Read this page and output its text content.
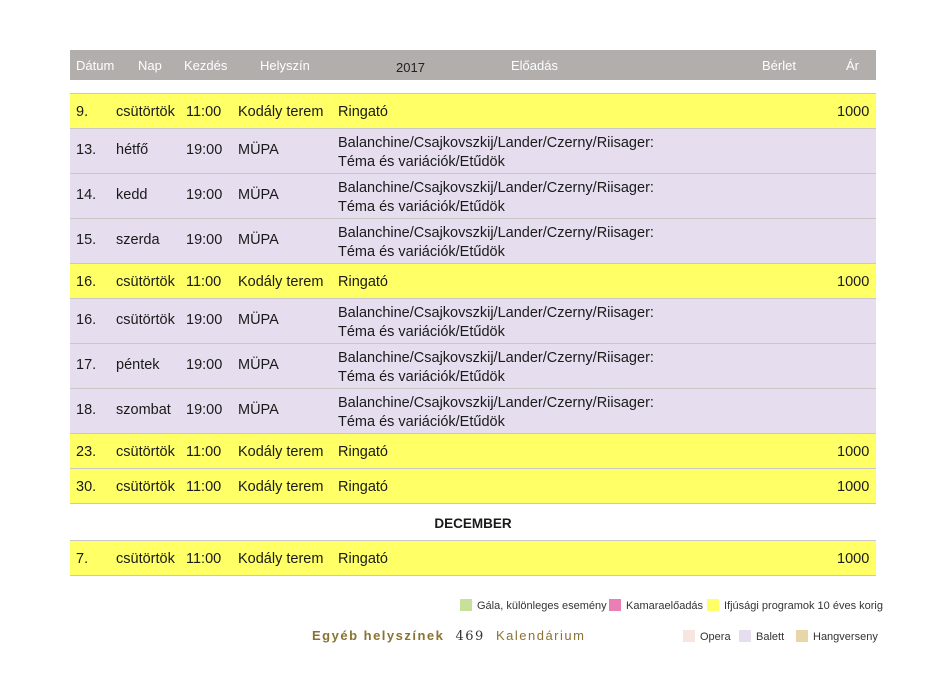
Dátum Nap Kezdés	Helyszín	2017	Előadás	Bérlet	Ár
9. csütörtök 11:00 Kodály terem Ringató	1000
13. hétfő	19:00 MÜPA	Balanchine/Csajkovszkij/Lander/Czerny/Riisager: Téma és variációk/Etűdök
14. kedd	19:00 MÜPA	Balanchine/Csajkovszkij/Lander/Czerny/Riisager: Téma és variációk/Etűdök
15. szerda 19:00 MÜPA	Balanchine/Csajkovszkij/Lander/Czerny/Riisager: Téma és variációk/Etűdök
16. csütörtök 11:00 Kodály terem Ringató	1000
16. csütörtök 19:00 MÜPA	Balanchine/Csajkovszkij/Lander/Czerny/Riisager: Téma és variációk/Etűdök
17. péntek 19:00 MÜPA	Balanchine/Csajkovszkij/Lander/Czerny/Riisager: Téma és variációk/Etűdök
18. szombat 19:00 MÜPA	Balanchine/Csajkovszkij/Lander/Czerny/Riisager: Téma és variációk/Etűdök
23. csütörtök 11:00 Kodály terem Ringató	1000
30. csütörtök 11:00 Kodály terem Ringató	1000
DECEMBER
7. csütörtök 11:00 Kodály terem Ringató	1000
Gála, különleges esemény	Kamaraelőadás	Ifjúsági programok 10 éves korig
Opera	Balett	Hangverseny
Egyéb helyszínek 469 Kalendárium
